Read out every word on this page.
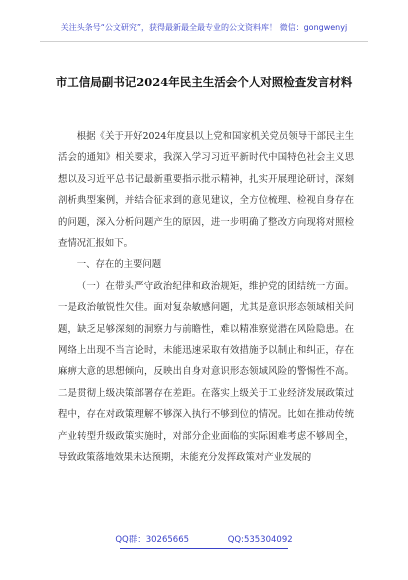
关注头条号“公文研究”，获得最新最全最专业的公文资料库！ 微信：gongwenyj
市工信局副书记2024年民主生活会个人对照检查发言材料

根据《关于开好2024年度县以上党和国家机关党员领导干部民主生活会的通知》相关要求，我深入学习习近平新时代中国特色社会主义思想以及习近平总书记最新重要指示批示精神，扎实开展理论研讨，深刻剖析典型案例，并结合征求到的意见建议，全方位梳理、检视自身存在的问题，深入分析问题产生的原因，进一步明确了整改方向现将对照检查情况汇报如下。

一、存在的主要问题

（一）在带头严守政治纪律和政治规矩，维护党的团结统一方面。一是政治敏锐性欠佳。面对复杂敏感问题，尤其是意识形态领域相关问题，缺乏足够深刻的洞察力与前瞻性，难以精准察觉潜在风险隐患。在网络上出现不当言论时，未能迅速采取有效措施予以制止和纠正，存在麻痹大意的思想倾向，反映出自身对意识形态领域风险的警惕性不高。二是贯彻上级决策部署存在差距。在落实上级关于工业经济发展政策过程中，存在对政策理解不够深入执行不够到位的情况。比如在推动传统产业转型升级政策实施时，对部分企业面临的实际困难考虑不够周全，导致政策落地效果未达预期，未能充分发挥政策对产业发展的

QQ群：30265665	QQ:535304092
